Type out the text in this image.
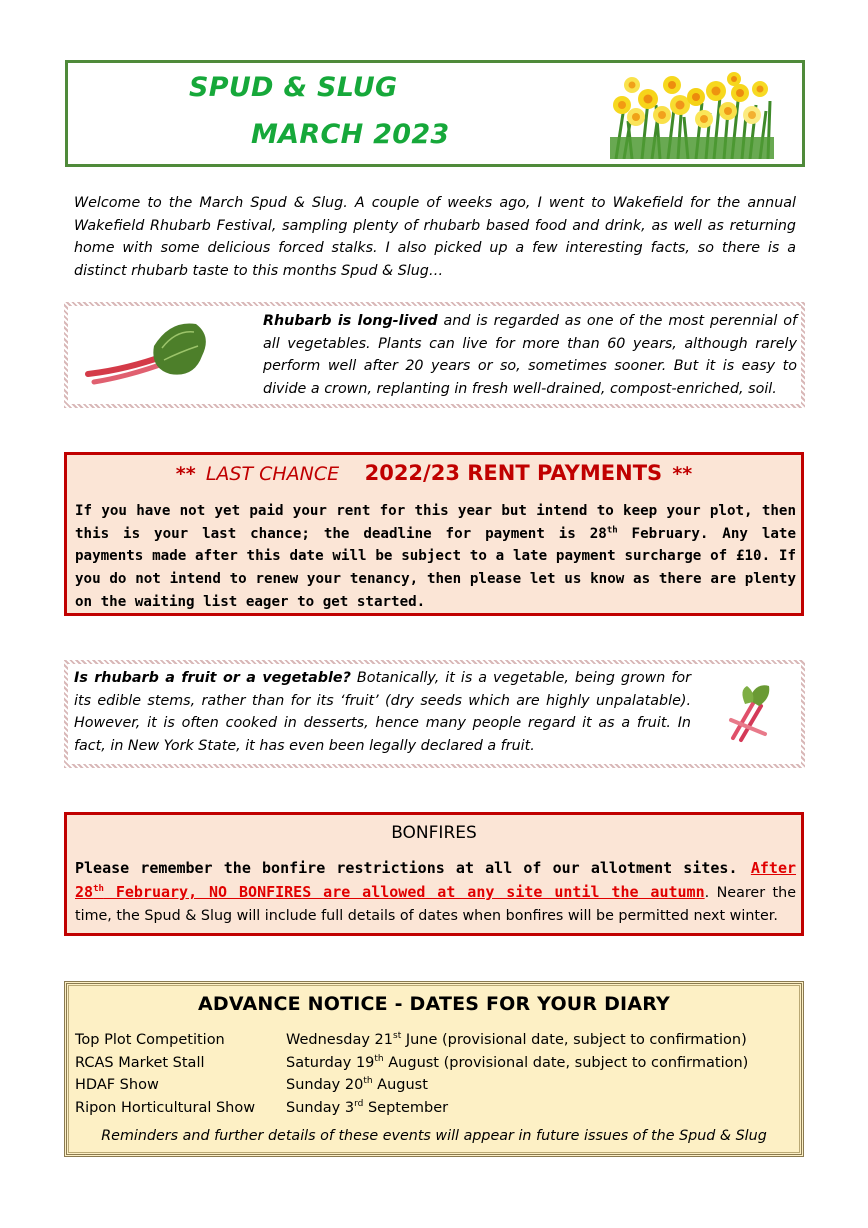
SPUD & SLUG
MARCH 2023
Welcome to the March Spud & Slug. A couple of weeks ago, I went to Wakefield for the annual Wakefield Rhubarb Festival, sampling plenty of rhubarb based food and drink, as well as returning home with some delicious forced stalks. I also picked up a few interesting facts, so there is a distinct rhubarb taste to this months Spud & Slug…
Rhubarb is long-lived and is regarded as one of the most perennial of all vegetables. Plants can live for more than 60 years, although rarely perform well after 20 years or so, sometimes sooner. But it is easy to divide a crown, replanting in fresh well-drained, compost-enriched, soil.
** LAST CHANCE 2022/23 RENT PAYMENTS **
If you have not yet paid your rent for this year but intend to keep your plot, then this is your last chance; the deadline for payment is 28th February. Any late payments made after this date will be subject to a late payment surcharge of £10. If you do not intend to renew your tenancy, then please let us know as there are plenty on the waiting list eager to get started.
Is rhubarb a fruit or a vegetable? Botanically, it is a vegetable, being grown for its edible stems, rather than for its ‘fruit’ (dry seeds which are highly unpalatable). However, it is often cooked in desserts, hence many people regard it as a fruit. In fact, in New York State, it has even been legally declared a fruit.
BONFIRES
Please remember the bonfire restrictions at all of our allotment sites. After 28th February, NO BONFIRES are allowed at any site until the autumn. Nearer the time, the Spud & Slug will include full details of dates when bonfires will be permitted next winter.
ADVANCE NOTICE - DATES FOR YOUR DIARY
Top Plot Competition	Wednesday 21st June (provisional date, subject to confirmation)
RCAS Market Stall	Saturday 19th August (provisional date, subject to confirmation)
HDAF Show	Sunday 20th August
Ripon Horticultural Show Sunday 3rd September
Reminders and further details of these events will appear in future issues of the Spud & Slug
